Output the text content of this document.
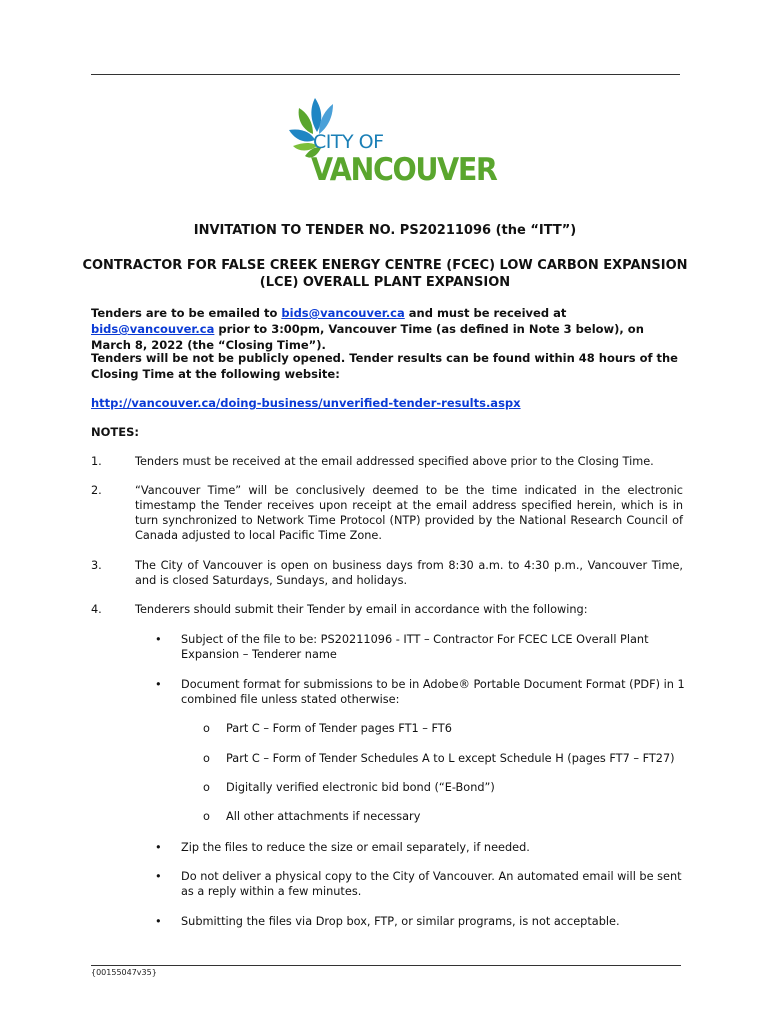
CITY OF
VANCOUVER
INVITATION TO TENDER NO. PS20211096 (the “ITT”)
CONTRACTOR FOR FALSE CREEK ENERGY CENTRE (FCEC) LOW CARBON EXPANSION (LCE) OVERALL PLANT EXPANSION
Tenders are to be emailed to bids@vancouver.ca and must be received at bids@vancouver.ca prior to 3:00pm, Vancouver Time (as defined in Note 3 below), on March 8, 2022 (the “Closing Time”).
Tenders will be not be publicly opened. Tender results can be found within 48 hours of the Closing Time at the following website:
http://vancouver.ca/doing-business/unverified-tender-results.aspx
NOTES:
1.	Tenders must be received at the email addressed specified above prior to the Closing Time.
2.	“Vancouver Time” will be conclusively deemed to be the time indicated in the electronic timestamp the Tender receives upon receipt at the email address specified herein, which is in turn synchronized to Network Time Protocol (NTP) provided by the National Research Council of Canada adjusted to local Pacific Time Zone.
3.	The City of Vancouver is open on business days from 8:30 a.m. to 4:30 p.m., Vancouver Time, and is closed Saturdays, Sundays, and holidays.
4.	Tenderers should submit their Tender by email in accordance with the following:
• Subject of the file to be: PS20211096 - ITT – Contractor For FCEC LCE Overall Plant Expansion – Tenderer name
• Document format for submissions to be in Adobe® Portable Document Format (PDF) in 1 combined file unless stated otherwise:
o Part C – Form of Tender pages FT1 – FT6
o Part C – Form of Tender Schedules A to L except Schedule H (pages FT7 – FT27)
o Digitally verified electronic bid bond (“E-Bond”)
o All other attachments if necessary
• Zip the files to reduce the size or email separately, if needed.
• Do not deliver a physical copy to the City of Vancouver. An automated email will be sent as a reply within a few minutes.
• Submitting the files via Drop box, FTP, or similar programs, is not acceptable.
{00155047v35}
